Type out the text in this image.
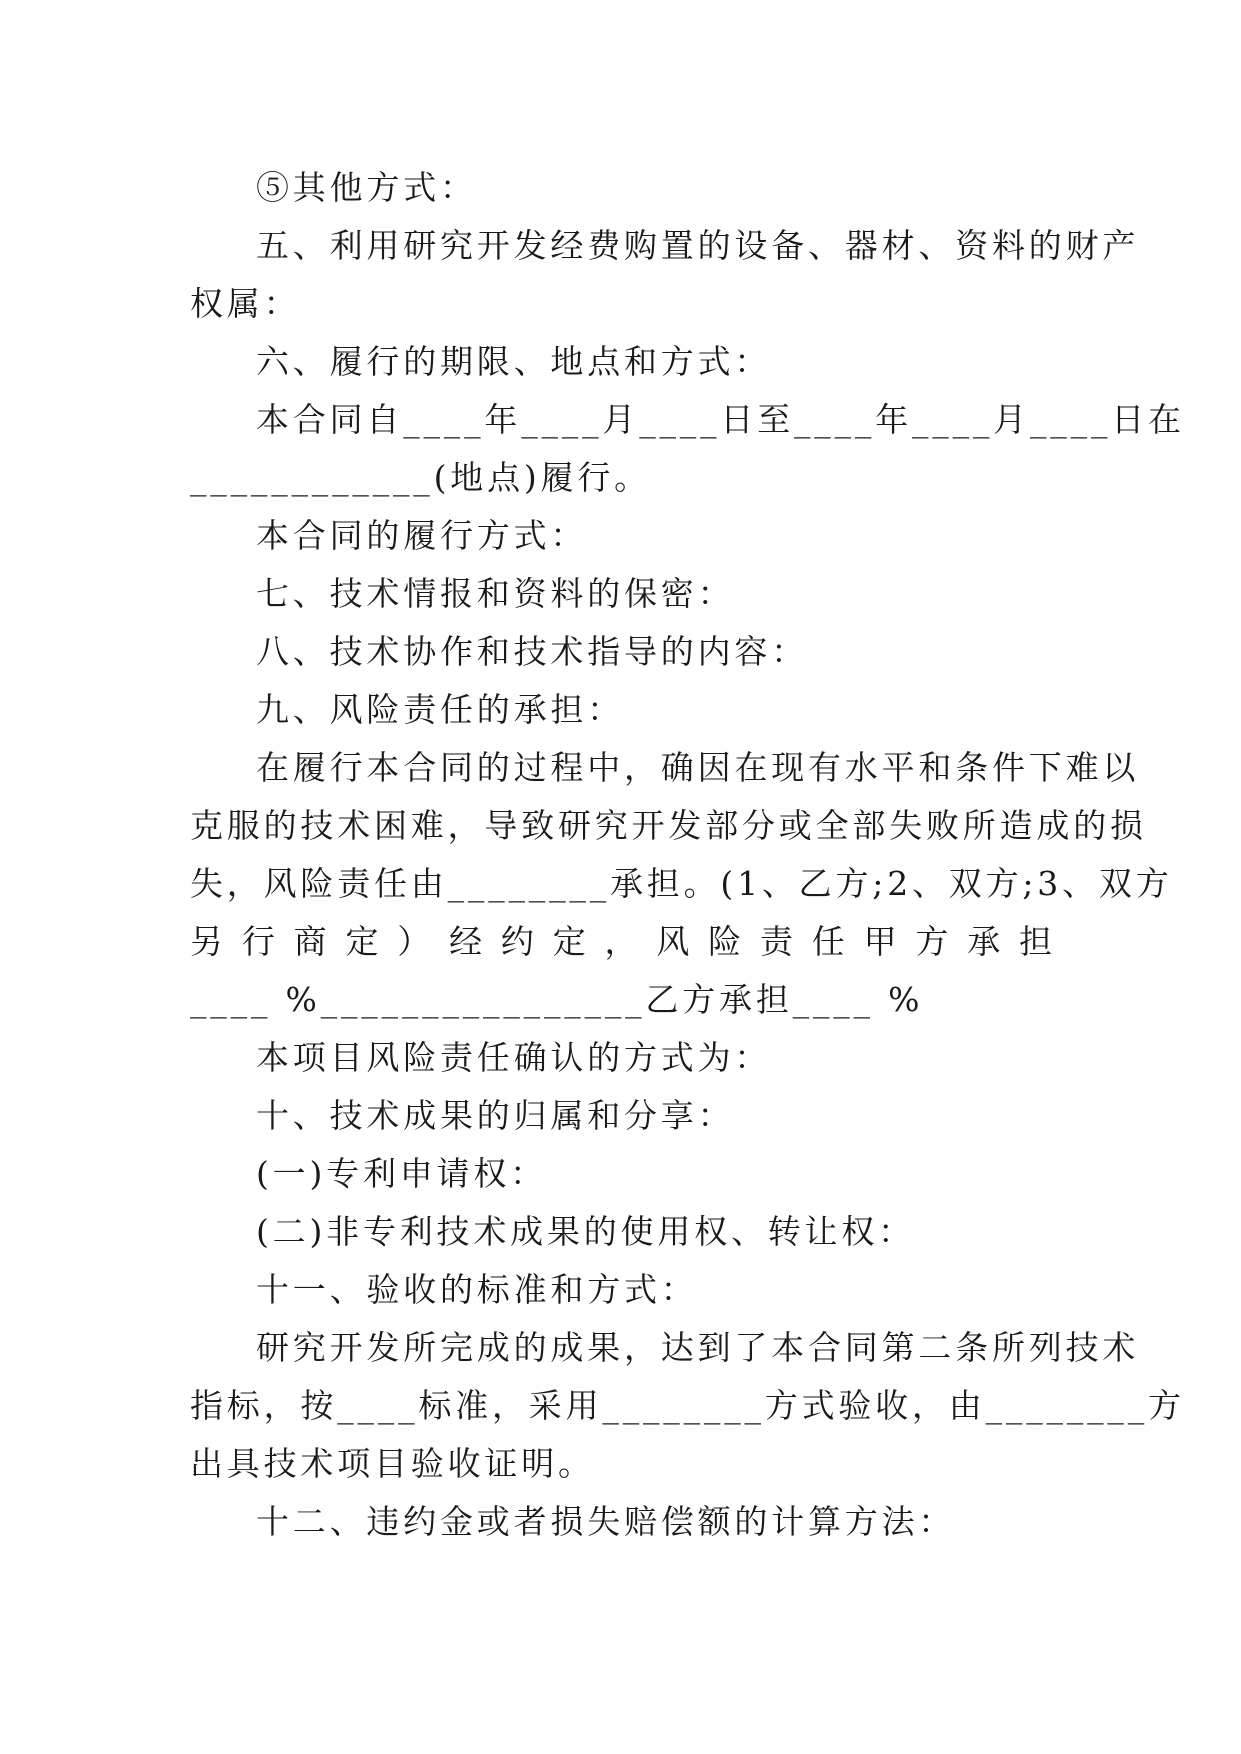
⑤其他方式：
五、利用研究开发经费购置的设备、器材、资料的财产
权属：
六、履行的期限、地点和方式：
本合同自____年____月____日至____年____月____日在
____________(地点)履行。
本合同的履行方式：
七、技术情报和资料的保密：
八、技术协作和技术指导的内容：
九、风险责任的承担：
在履行本合同的过程中，确因在现有水平和条件下难以
克服的技术困难，导致研究开发部分或全部失败所造成的损
失，风险责任由________承担。(1、乙方;2、双方;3、双方
另 行 商 定 ） 经 约 定 ， 风 险 责 任 甲 方 承 担
____ %________________乙方承担____ %
本项目风险责任确认的方式为：
十、技术成果的归属和分享：
(一)专利申请权：
(二)非专利技术成果的使用权、转让权：
十一、验收的标准和方式：
研究开发所完成的成果，达到了本合同第二条所列技术
指标，按____标准，采用________方式验收，由________方
出具技术项目验收证明。
十二、违约金或者损失赔偿额的计算方法：
